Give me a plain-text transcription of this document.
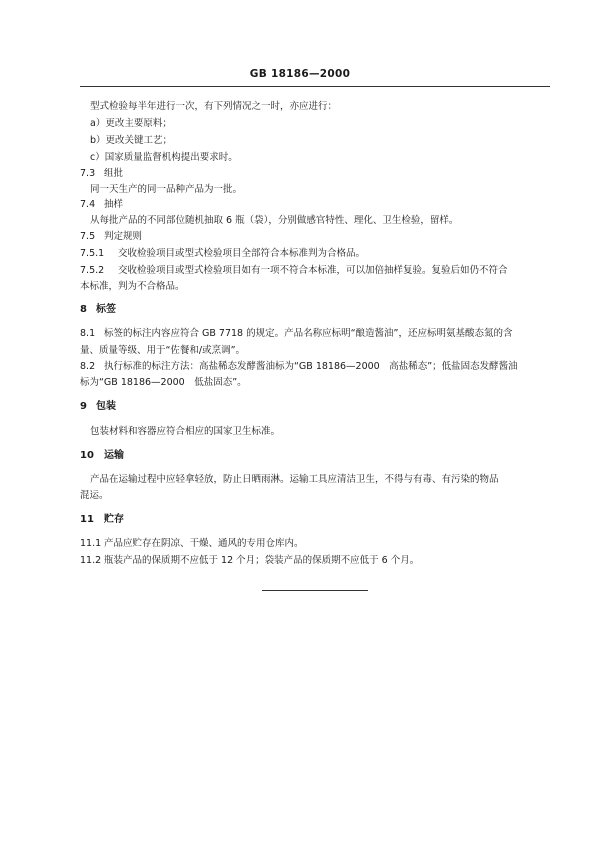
GB 18186—2000
型式检验每半年进行一次，有下列情况之一时，亦应进行：
a）更改主要原料；
b）更改关键工艺；
c）国家质量监督机构提出要求时。
7.3 组批
同一天生产的同一品种产品为一批。
7.4 抽样
从每批产品的不同部位随机抽取 6 瓶（袋），分别做感官特性、理化、卫生检验，留样。
7.5 判定规则
7.5.1 交收检验项目或型式检验项目全部符合本标准判为合格品。
7.5.2 交收检验项目或型式检验项目如有一项不符合本标准，可以加倍抽样复验。复验后如仍不符合
本标准，判为不合格品。
8 标签
8.1 标签的标注内容应符合 GB 7718 的规定。产品名称应标明“酿造酱油”，还应标明氨基酸态氮的含
量、质量等级、用于“佐餐和/或烹调”。
8.2 执行标准的标注方法：高盐稀态发酵酱油标为“GB 18186—2000　高盐稀态”；低盐固态发酵酱油
标为“GB 18186—2000　低盐固态”。
9 包装
包装材料和容器应符合相应的国家卫生标准。
10 运输
产品在运输过程中应轻拿轻放，防止日晒雨淋。运输工具应清洁卫生，不得与有毒、有污染的物品
混运。
11 贮存
11.1 产品应贮存在阴凉、干燥、通风的专用仓库内。
11.2 瓶装产品的保质期不应低于 12 个月；袋装产品的保质期不应低于 6 个月。
